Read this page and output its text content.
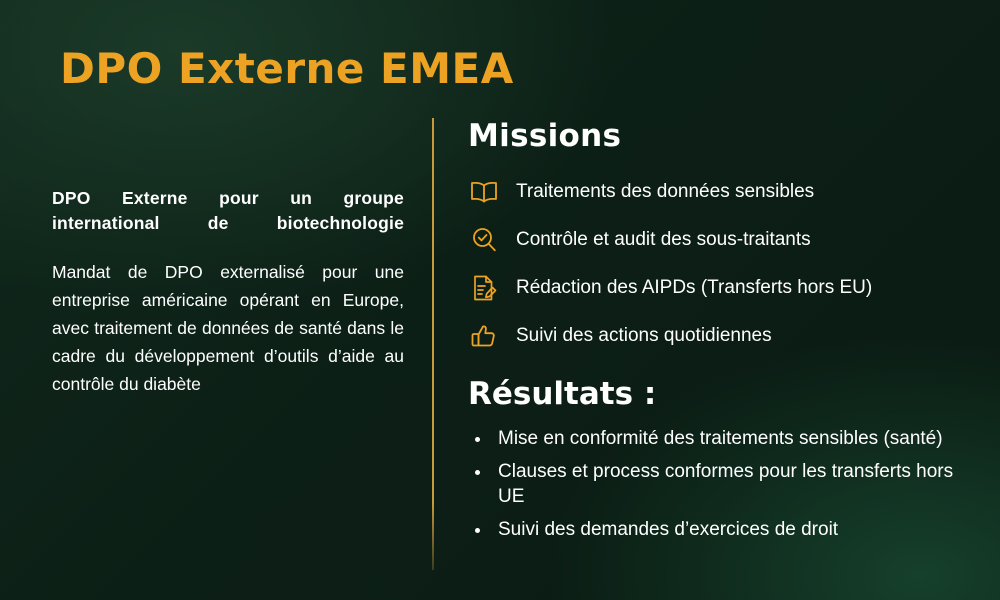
DPO Externe EMEA
DPO Externe pour un groupe international de biotechnologie
Mandat de DPO externalisé pour une entreprise américaine opérant en Europe, avec traitement de données de santé dans le cadre du développement d’outils d’aide au contrôle du diabète
Missions
Traitements des données sensibles
Contrôle et audit des sous-traitants
Rédaction des AIPDs (Transferts hors EU)
Suivi des actions quotidiennes
Résultats :
• Mise en conformité des traitements sensibles (santé)
• Clauses et process conformes pour les transferts hors UE
• Suivi des demandes d’exercices de droit
